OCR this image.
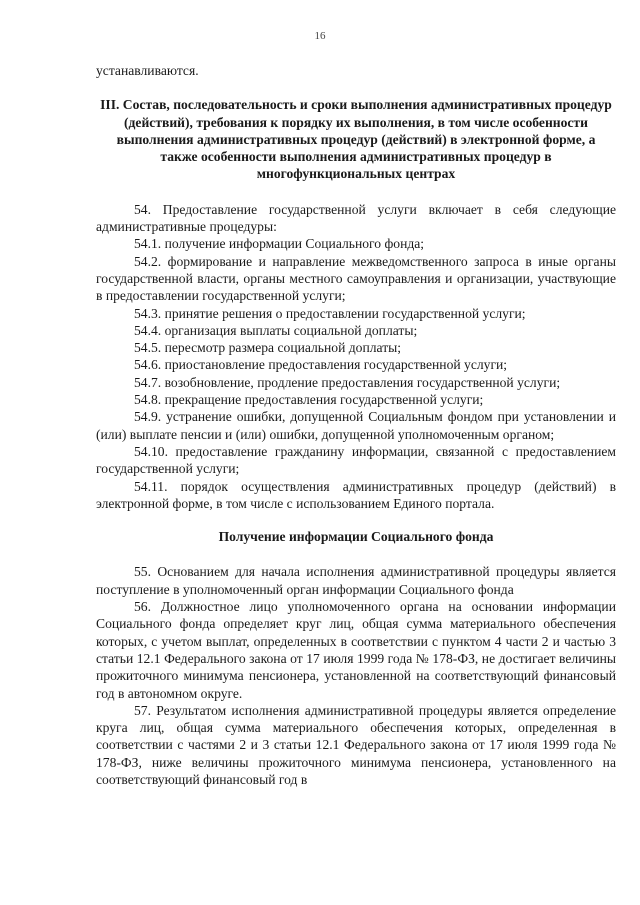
16

устанавливаются.

III. Состав, последовательность и сроки выполнения административных процедур (действий), требования к порядку их выполнения, в том числе особенности выполнения административных процедур (действий) в электронной форме, а также особенности выполнения административных процедур в многофункциональных центрах

54. Предоставление государственной услуги включает в себя следующие административные процедуры:

54.1. получение информации Социального фонда;

54.2. формирование и направление межведомственного запроса в иные органы государственной власти, органы местного самоуправления и организации, участвующие в предоставлении государственной услуги;

54.3. принятие решения о предоставлении государственной услуги;

54.4. организация выплаты социальной доплаты;

54.5. пересмотр размера социальной доплаты;

54.6. приостановление предоставления государственной услуги;

54.7. возобновление, продление предоставления государственной услуги;

54.8. прекращение предоставления государственной услуги;

54.9. устранение ошибки, допущенной Социальным фондом при установлении и (или) выплате пенсии и (или) ошибки, допущенной уполномоченным органом;

54.10. предоставление гражданину информации, связанной с предоставлением государственной услуги;

54.11. порядок осуществления административных процедур (действий) в электронной форме, в том числе с использованием Единого портала.

Получение информации Социального фонда

55. Основанием для начала исполнения административной процедуры является поступление в уполномоченный орган информации Социального фонда

56. Должностное лицо уполномоченного органа на основании информации Социального фонда определяет круг лиц, общая сумма материального обеспечения которых, с учетом выплат, определенных в соответствии с пунктом 4 части 2 и частью 3 статьи 12.1 Федерального закона от 17 июля 1999 года № 178-ФЗ, не достигает величины прожиточного минимума пенсионера, установленной на соответствующий финансовый год в автономном округе.

57. Результатом исполнения административной процедуры является определение круга лиц, общая сумма материального обеспечения которых, определенная в соответствии с частями 2 и 3 статьи 12.1 Федерального закона от 17 июля 1999 года № 178-ФЗ, ниже величины прожиточного минимума пенсионера, установленного на соответствующий финансовый год в
